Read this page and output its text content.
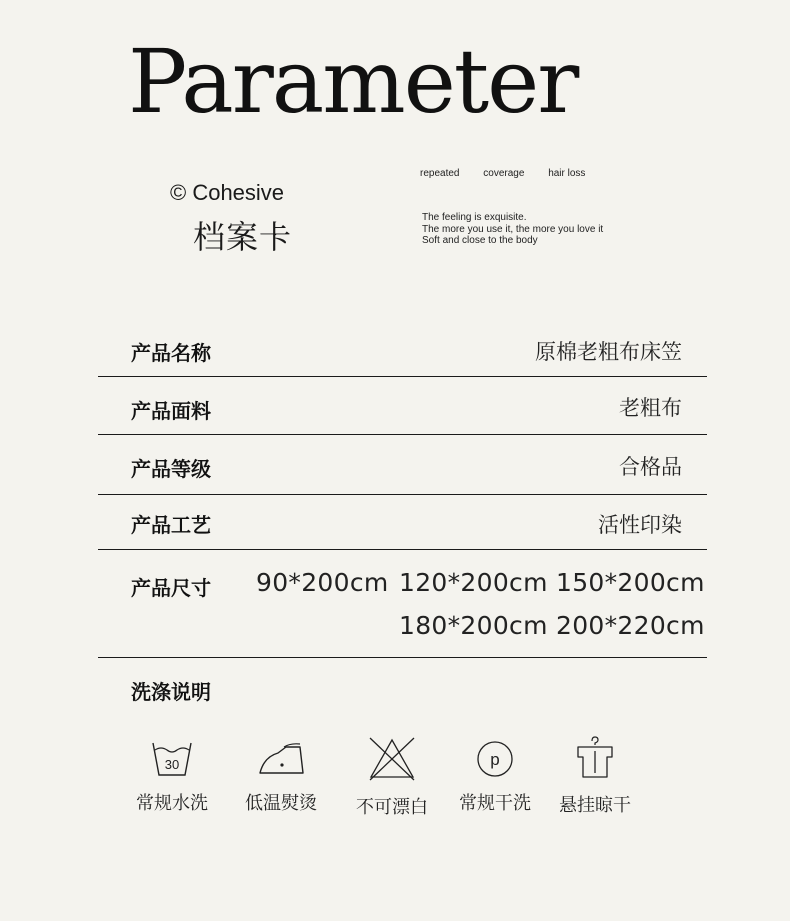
Parameter
© Cohesive
档案卡
repeated coverage hair loss
The feeling is exquisite.
The more you use it, the more you love it
Soft and close to the body
产品名称	原棉老粗布床笠
产品面料	老粗布
产品等级	合格品
产品工艺	活性印染
产品尺寸 90*200cm 120*200cm 150*200cm
180*200cm 200*220cm
洗涤说明
30
常规水洗	低温熨烫	不可漂白
p
常规干洗	悬挂晾干
